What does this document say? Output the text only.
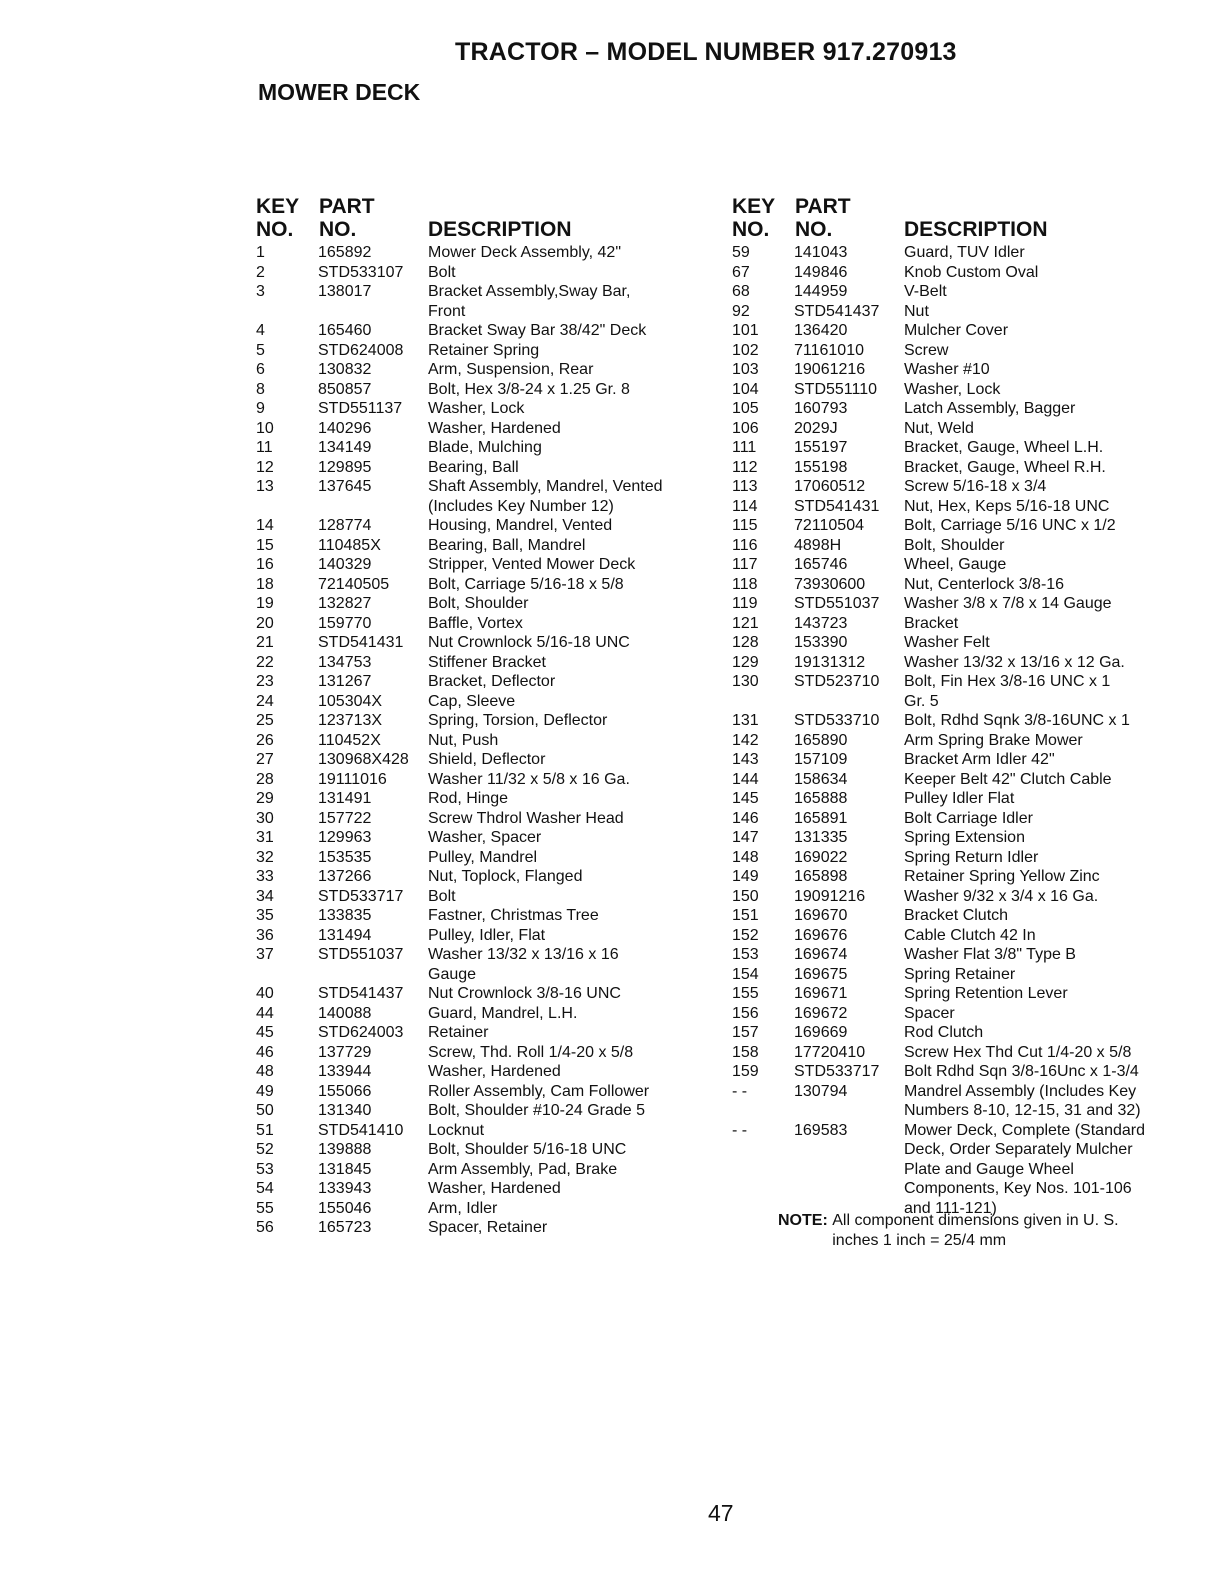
TRACTOR – MODEL NUMBER 917.270913
MOWER DECK
KEY
NO.
PART
NO.	DESCRIPTION
1	165892	Mower Deck Assembly, 42"
2	STD533107	Bolt
3	138017	Bracket Assembly,Sway Bar,
Front
4	165460	Bracket Sway Bar 38/42" Deck
5	STD624008	Retainer Spring
6	130832	Arm, Suspension, Rear
8	850857	Bolt, Hex 3/8-24 x 1.25 Gr. 8
9	STD551137	Washer, Lock
10	140296	Washer, Hardened
11	134149	Blade, Mulching
12	129895	Bearing, Ball
13	137645	Shaft Assembly, Mandrel, Vented
(Includes Key Number 12)
14	128774	Housing, Mandrel, Vented
15	110485X	Bearing, Ball, Mandrel
16	140329	Stripper, Vented Mower Deck
18	72140505	Bolt, Carriage 5/16-18 x 5/8
19	132827	Bolt, Shoulder
20	159770	Baffle, Vortex
21	STD541431	Nut Crownlock 5/16-18 UNC
22	134753	Stiffener Bracket
23	131267	Bracket, Deflector
24	105304X	Cap, Sleeve
25	123713X	Spring, Torsion, Deflector
26	110452X	Nut, Push
27	130968X428	Shield, Deflector
28	19111016	Washer 11/32 x 5/8 x 16 Ga.
29	131491	Rod, Hinge
30	157722	Screw Thdrol Washer Head
31	129963	Washer, Spacer
32	153535	Pulley, Mandrel
33	137266	Nut, Toplock, Flanged
34	STD533717	Bolt
35	133835	Fastner, Christmas Tree
36	131494	Pulley, Idler, Flat
37	STD551037	Washer 13/32 x 13/16 x 16
Gauge
40	STD541437	Nut Crownlock 3/8-16 UNC
44	140088	Guard, Mandrel, L.H.
45	STD624003	Retainer
46	137729	Screw, Thd. Roll 1/4-20 x 5/8
48	133944	Washer, Hardened
49	155066	Roller Assembly, Cam Follower
50	131340	Bolt, Shoulder #10-24 Grade 5
51	STD541410	Locknut
52	139888	Bolt, Shoulder 5/16-18 UNC
53	131845	Arm Assembly, Pad, Brake
54	133943	Washer, Hardened
55	155046	Arm, Idler
56	165723	Spacer, Retainer
KEY
NO.
PART
NO.	DESCRIPTION
59	141043	Guard, TUV Idler
67	149846	Knob Custom Oval
68	144959	V-Belt
92	STD541437	Nut
101	136420	Mulcher Cover
102	71161010	Screw
103	19061216	Washer #10
104	STD551110	Washer, Lock
105	160793	Latch Assembly, Bagger
106	2029J	Nut, Weld
111	155197	Bracket, Gauge, Wheel L.H.
112	155198	Bracket, Gauge, Wheel R.H.
113	17060512	Screw 5/16-18 x 3/4
114	STD541431	Nut, Hex, Keps 5/16-18 UNC
115	72110504	Bolt, Carriage 5/16 UNC x 1/2
116	4898H	Bolt, Shoulder
117	165746	Wheel, Gauge
118	73930600	Nut, Centerlock 3/8-16
119	STD551037	Washer 3/8 x 7/8 x 14 Gauge
121	143723	Bracket
128	153390	Washer Felt
129	19131312	Washer 13/32 x 13/16 x 12 Ga.
130	STD523710	Bolt, Fin Hex 3/8-16 UNC x 1
Gr. 5
131	STD533710	Bolt, Rdhd Sqnk 3/8-16UNC x 1
142	165890	Arm Spring Brake Mower
143	157109	Bracket Arm Idler 42"
144	158634	Keeper Belt 42" Clutch Cable
145	165888	Pulley Idler Flat
146	165891	Bolt Carriage Idler
147	131335	Spring Extension
148	169022	Spring Return Idler
149	165898	Retainer Spring Yellow Zinc
150	19091216	Washer 9/32 x 3/4 x 16 Ga.
151	169670	Bracket Clutch
152	169676	Cable Clutch 42 In
153	169674	Washer Flat 3/8" Type B
154	169675	Spring Retainer
155	169671	Spring Retention Lever
156	169672	Spacer
157	169669	Rod Clutch
158	17720410	Screw Hex Thd Cut 1/4-20 x 5/8
159	STD533717	Bolt Rdhd Sqn 3/8-16Unc x 1-3/4
- -	130794	Mandrel Assembly (Includes Key
Numbers 8-10, 12-15, 31 and 32)
- -	169583	Mower Deck, Complete (Standard
Deck, Order Separately Mulcher
Plate and Gauge Wheel
Components, Key Nos. 101-106
and 111-121)
NOTE: All component dimensions given in U. S.
inches 1 inch = 25/4 mm
47
